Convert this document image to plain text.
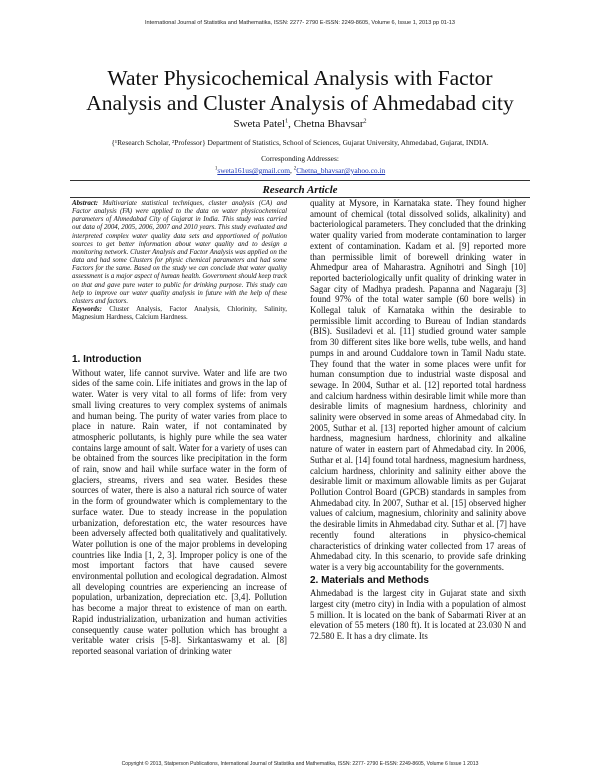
International Journal of Statistika and Mathematika, ISSN: 2277- 2790 E-ISSN: 2249-8605, Volume 6, Issue 1, 2013 pp 01-13
Water Physicochemical Analysis with Factor
Analysis and Cluster Analysis of Ahmedabad city
Sweta Patel$^1$, Chetna Bhavsar$^2$
{¹Research Scholar, ²Professor} Department of Statistics, School of Sciences, Gujarat University, Ahmedabad, Gujarat, INDIA.
Corresponding Addresses:
$^1$sweta161us@gmail.com, $^2$Chetna_bhavsar@yahoo.co.in
Research Article

Abstract: Multivariate statistical techniques, cluster analysis (CA) and Factor analysis (FA) were applied to the data on water physicochemical parameters of Ahmedabad City of Gujarat in India. This study was carried out data of 2004, 2005, 2006, 2007 and 2010 years. This study evaluated and interpreted complex water quality data sets and apportioned of pollution sources to get better information about water quality and to design a monitoring network. Cluster Analysis and Factor Analysis was applied on the data and had some Clusters for physic chemical parameters and had some Factors for the same. Based on the study we can conclude that water quality assessment is a major aspect of human health. Government should keep track on that and gave pure water to public for drinking purpose. This study can help to improve our water quality analysis in future with the help of these clusters and factors.

Keywords: Cluster Analysis, Factor Analysis, Chlorinity, Salinity, Magnesium Hardness, Calcium Hardness.

1. Introduction

Without water, life cannot survive. Water and life are two sides of the same coin. Life initiates and grows in the lap of water. Water is very vital to all forms of life: from very small living creatures to very complex systems of animals and human being. The purity of water varies from place to place in nature. Rain water, if not contaminated by atmospheric pollutants, is highly pure while the sea water contains large amount of salt. Water for a variety of uses can be obtained from the sources like precipitation in the form of rain, snow and hail while surface water in the form of glaciers, streams, rivers and sea water. Besides these sources of water, there is also a natural rich source of water in the form of groundwater which is complementary to the surface water. Due to steady increase in the population urbanization, deforestation etc, the water resources have been adversely affected both qualitatively and qualitatively. Water pollution is one of the major problems in developing countries like India [1, 2, 3]. Improper policy is one of the most important factors that have caused severe environmental pollution and ecological degradation. Almost all developing countries are experiencing an increase of population, urbanization, depreciation etc. [3,4]. Pollution has become a major threat to existence of man on earth. Rapid industrialization, urbanization and human activities consequently cause water pollution which has brought a veritable water crisis [5-8]. Sirkantaswamy et al. [8] reported seasonal variation of drinking water

quality at Mysore, in Karnataka state. They found higher amount of chemical (total dissolved solids, alkalinity) and bacteriological parameters. They concluded that the drinking water quality varied from moderate contamination to larger extent of contamination. Kadam et al. [9] reported more than permissible limit of borewell drinking water in Ahmedpur area of Maharastra. Agnihotri and Singh [10] reported bacteriologically unfit quality of drinking water in Sagar city of Madhya pradesh. Papanna and Nagaraju [3] found 97% of the total water sample (60 bore wells) in Kollegal taluk of Karnataka within the desirable to permissible limit according to Bureau of Indian standards (BIS). Susiladevi et al. [11] studied ground water sample from 30 different sites like bore wells, tube wells, and hand pumps in and around Cuddalore town in Tamil Nadu state. They found that the water in some places were unfit for human consumption due to industrial waste disposal and sewage. In 2004, Suthar et al. [12] reported total hardness and calcium hardness within desirable limit while more than desirable limits of magnesium hardness, chlorinity and salinity were observed in some areas of Ahmedabad city. In 2005, Suthar et al. [13] reported higher amount of calcium hardness, magnesium hardness, chlorinity and alkaline nature of water in eastern part of Ahmedabad city. In 2006, Suthar et al. [14] found total hardness, magnesium hardness, calcium hardness, chlorinity and salinity either above the desirable limit or maximum allowable limits as per Gujarat Pollution Control Board (GPCB) standards in samples from Ahmedabad city. In 2007, Suthar et al. [15] observed higher values of calcium, magnesium, chlorinity and salinity above the desirable limits in Ahmedabad city. Suthar et al. [7] have recently found alterations in physico-chemical characteristics of drinking water collected from 17 areas of Ahmedabad city. In this scenario, to provide safe drinking water is a very big accountability for the governments.

2. Materials and Methods

Ahmedabad is the largest city in Gujarat state and sixth largest city (metro city) in India with a population of almost 5 million. It is located on the bank of Sabarmati River at an elevation of 55 meters (180 ft). It is located at 23.030 N and 72.580 E. It has a dry climate. Its

Copyright © 2013, Statperson Publications, International Journal of Statistika and Mathematika, ISSN: 2277- 2790 E-ISSN: 2249-8605, Volume 6 Issue 1 2013
